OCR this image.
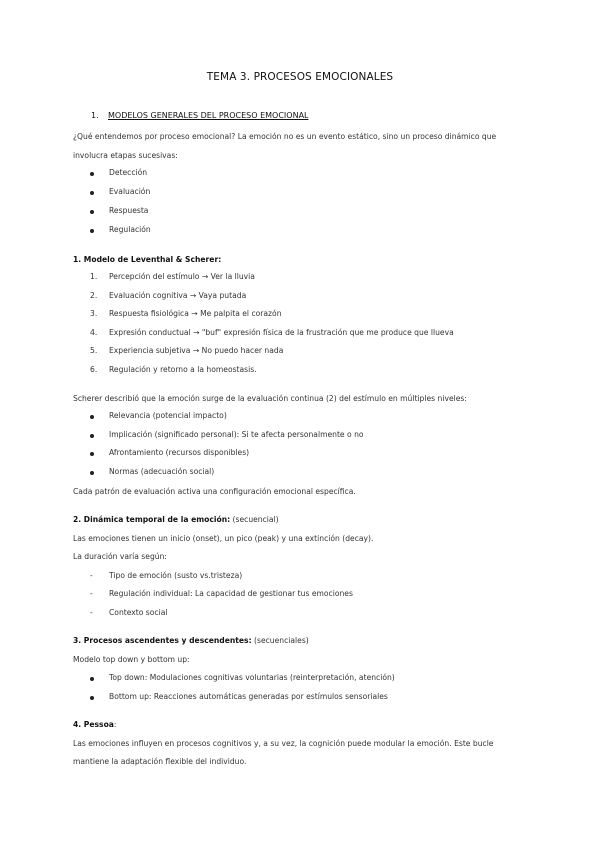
TEMA 3. PROCESOS EMOCIONALES
1. MODELOS GENERALES DEL PROCESO EMOCIONAL
¿Qué entendemos por proceso emocional? La emoción no es un evento estático, sino un proceso dinámico que
involucra etapas sucesivas:
Detección
Evaluación
Respuesta
Regulación
1. Modelo de Leventhal & Scherer:
1. Percepción del estímulo → Ver la lluvia
2. Evaluación cognitiva → Vaya putada
3. Respuesta fisiológica → Me palpita el corazón
4. Expresión conductual → "buf" expresión física de la frustración que me produce que llueva
5. Experiencia subjetiva → No puedo hacer nada
6. Regulación y retorno a la homeostasis.
Scherer describió que la emoción surge de la evaluación continua (2) del estímulo en múltiples niveles:
Relevancia (potencial impacto)
Implicación (significado personal): Si te afecta personalmente o no
Afrontamiento (recursos disponibles)
Normas (adecuación social)
Cada patrón de evaluación activa una configuración emocional específica.
2. Dinámica temporal de la emoción: (secuencial)
Las emociones tienen un inicio (onset), un pico (peak) y una extinción (decay).
La duración varía según:
- Tipo de emoción (susto vs.tristeza)
- Regulación individual: La capacidad de gestionar tus emociones
- Contexto social
3. Procesos ascendentes y descendentes: (secuenciales)
Modelo top down y bottom up:
Top down: Modulaciones cognitivas voluntarias (reinterpretación, atención)
Bottom up: Reacciones automáticas generadas por estímulos sensoriales
4. Pessoa:
Las emociones influyen en procesos cognitivos y, a su vez, la cognición puede modular la emoción. Este bucle
mantiene la adaptación flexible del individuo.
